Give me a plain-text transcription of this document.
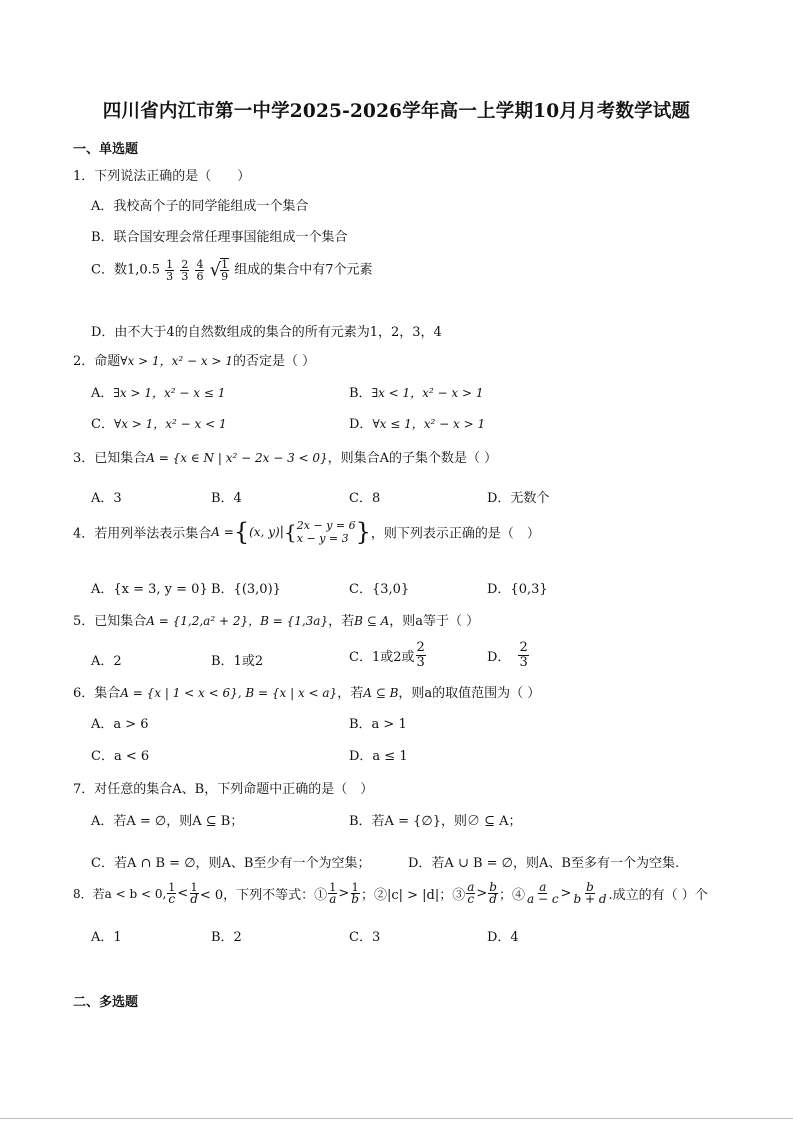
四川省内江市第一中学2025-2026学年高一上学期10月月考数学试题
一、单选题
1．下列说法正确的是（　　）
A．我校高个子的同学能组成一个集合
B．联合国安理会常任理事国能组成一个集合
C．数$1,0.5 \frac{1}{3}$
$\frac{2}{3}$
$\frac{4}{6}$ √ $\frac{1}{9}$ 组成的集合中有7个元素
D．由不大于4的自然数组成的集合的所有元素为1，2，3，4
2．命题∀x > 1，x² − x > 1的否定是（ ）
A．∃x > 1，x² − x ≤ 1	B．∃x < 1，x² − x > 1
C．∀x > 1，x² − x < 1	D．∀x ≤ 1，x² − x > 1
3．已知集合A = {x ∈ N | x² − 2x − 3 < 0}，则集合A的子集个数是（ ）
A．3	B．4	C．8	D．无数个
4．若用列举法表示集合A ={(x, y)|{ 2x − y = 6
x − y = 3 }，则下列表示正确的是（　）
A．{x = 3, y = 0} B．{(3,0)}	C．{3,0}	D．{0,3}
5．已知集合A = {1,2,a² + 2}，B = {1,3a}，若B ⊆ A，则a等于（ ）
A．2	B．1或2	C．1或2或 $\frac{2}{3}$	D． $\frac{2}{3}$
6．集合A = {x | 1 < x < 6}, B = {x | x < a}，若A ⊆ B，则a的取值范围为（ ）
A．a > 6	B．a > 1
C．a < 6	D．a ≤ 1
7．对任意的集合A、B，下列命题中正确的是（　）
A．若A = ∅，则A ⊆ B；	B．若A = {∅}，则∅ ⊆ A；
C．若A ∩ B = ∅，则A、B至少有一个为空集；	D．若A ∪ B = ∅，则A、B至多有一个为空集.
8．若a < b < 0, $\frac{1}{c} < \frac{1}{d} < 0$，下列不等式：① $\frac{1}{a} > \frac{1}{b}$ ；②|c| > |d|；③ $\frac{a}{c} > \frac{b}{d}$ ；④ $\frac{a}{a - c} > \frac{b}{b + d}$ .成立的有（ ）个
A．1	B．2	C．3	D．4
二、多选题
